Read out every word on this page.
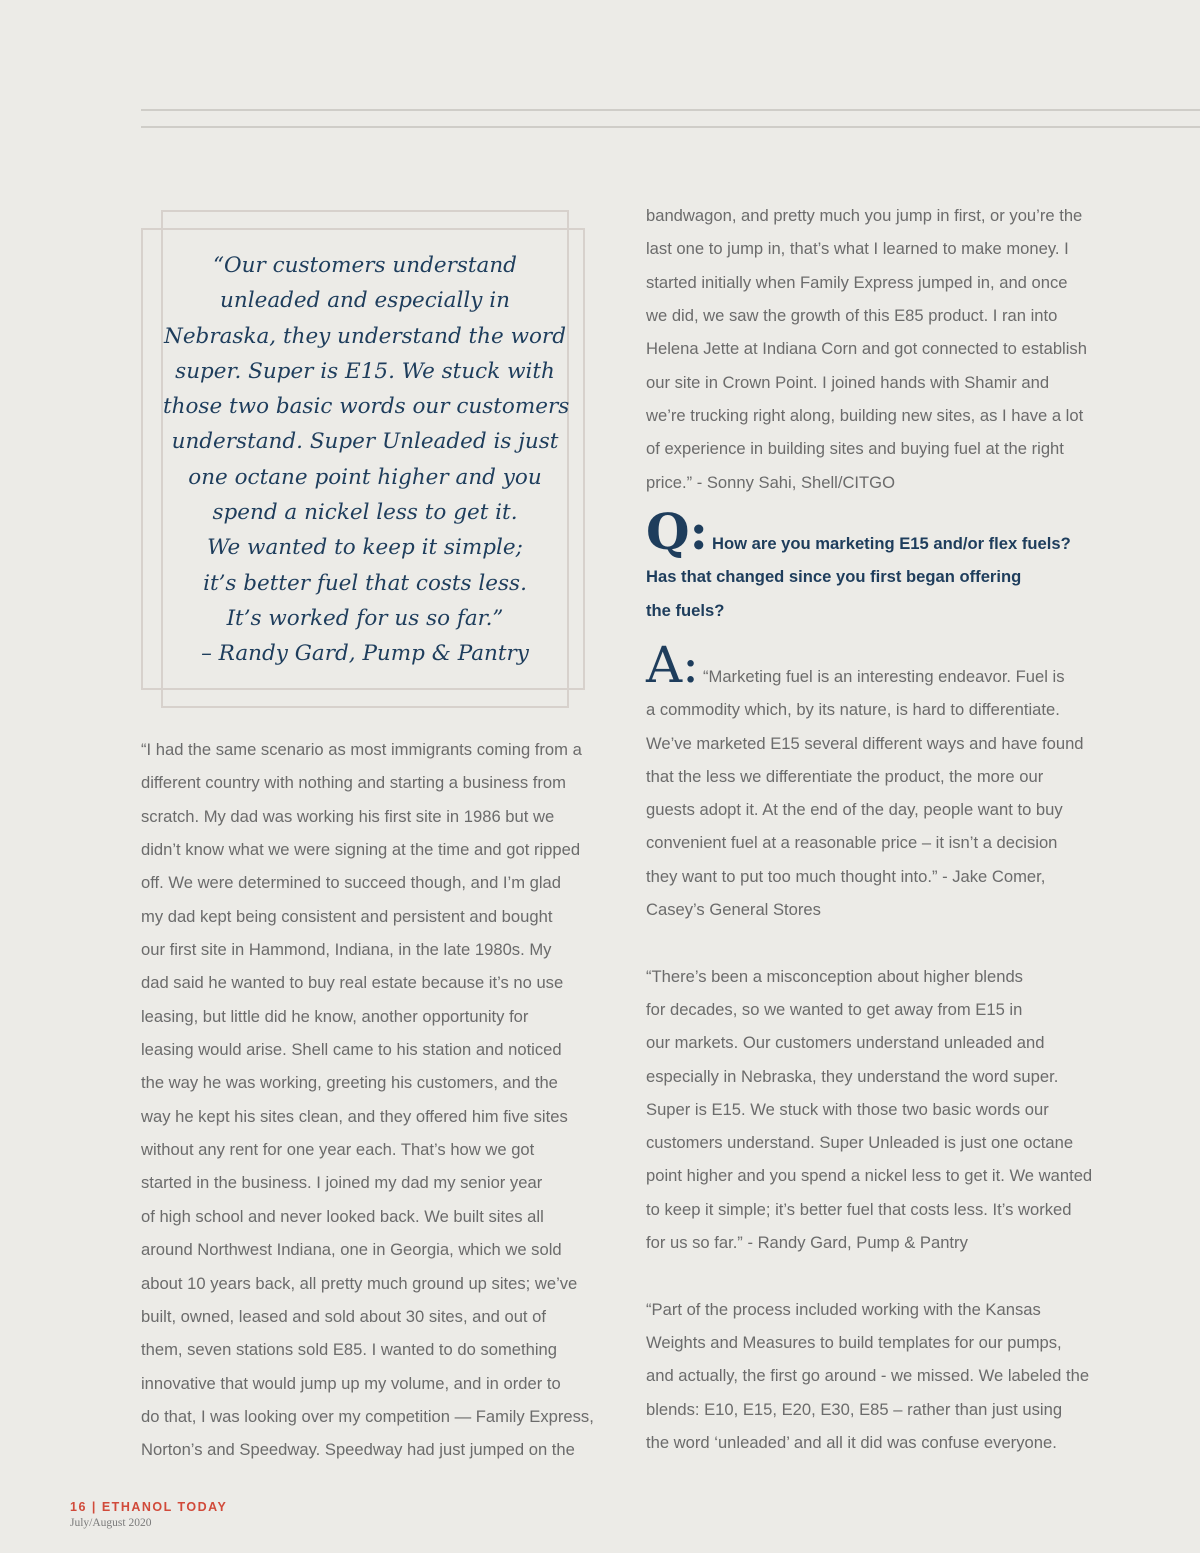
“Our customers understand
unleaded and especially in
Nebraska, they understand the word
super. Super is E15. We stuck with
those two basic words our customers
understand. Super Unleaded is just
one octane point higher and you
spend a nickel less to get it.
We wanted to keep it simple;
it’s better fuel that costs less.
It’s worked for us so far.”
– Randy Gard, Pump & Pantry
“I had the same scenario as most immigrants coming from a
different country with nothing and starting a business from
scratch. My dad was working his first site in 1986 but we
didn’t know what we were signing at the time and got ripped
off. We were determined to succeed though, and I’m glad
my dad kept being consistent and persistent and bought
our first site in Hammond, Indiana, in the late 1980s. My
dad said he wanted to buy real estate because it’s no use
leasing, but little did he know, another opportunity for
leasing would arise. Shell came to his station and noticed
the way he was working, greeting his customers, and the
way he kept his sites clean, and they offered him five sites
without any rent for one year each. That’s how we got
started in the business. I joined my dad my senior year
of high school and never looked back. We built sites all
around Northwest Indiana, one in Georgia, which we sold
about 10 years back, all pretty much ground up sites; we’ve
built, owned, leased and sold about 30 sites, and out of
them, seven stations sold E85. I wanted to do something
innovative that would jump up my volume, and in order to
do that, I was looking over my competition — Family Express,
Norton’s and Speedway. Speedway had just jumped on the
bandwagon, and pretty much you jump in first, or you’re the
last one to jump in, that’s what I learned to make money. I
started initially when Family Express jumped in, and once
we did, we saw the growth of this E85 product. I ran into
Helena Jette at Indiana Corn and got connected to establish
our site in Crown Point. I joined hands with Shamir and
we’re trucking right along, building new sites, as I have a lot
of experience in building sites and buying fuel at the right
price.” - Sonny Sahi, Shell/CITGO
Q: How are you marketing E15 and/or flex fuels?
Has that changed since you first began offering
the fuels?
A: “Marketing fuel is an interesting endeavor. Fuel is
a commodity which, by its nature, is hard to differentiate.
We’ve marketed E15 several different ways and have found
that the less we differentiate the product, the more our
guests adopt it. At the end of the day, people want to buy
convenient fuel at a reasonable price – it isn’t a decision
they want to put too much thought into.” - Jake Comer,
Casey’s General Stores

“There’s been a misconception about higher blends
for decades, so we wanted to get away from E15 in
our markets. Our customers understand unleaded and
especially in Nebraska, they understand the word super.
Super is E15. We stuck with those two basic words our
customers understand. Super Unleaded is just one octane
point higher and you spend a nickel less to get it. We wanted
to keep it simple; it’s better fuel that costs less. It’s worked
for us so far.” - Randy Gard, Pump & Pantry

“Part of the process included working with the Kansas
Weights and Measures to build templates for our pumps,
and actually, the first go around - we missed. We labeled the
blends: E10, E15, E20, E30, E85 – rather than just using
the word ‘unleaded’ and all it did was confuse everyone.
16 | ETHANOL TODAY
July/August 2020
